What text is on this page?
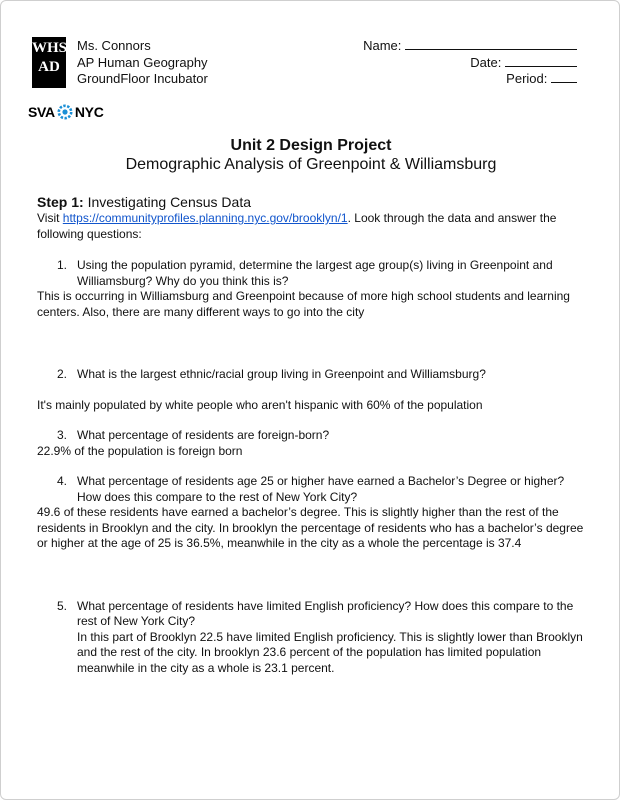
WHS
AD
SVA NYC
Ms. Connors
AP Human Geography
GroundFloor Incubator
Name:
Date:
Period:
Unit 2 Design Project
Demographic Analysis of Greenpoint & Williamsburg

Step 1: Investigating Census Data

Visit https://communityprofiles.planning.nyc.gov/brooklyn/1. Look through the data and answer the following questions:

1. Using the population pyramid, determine the largest age group(s) living in Greenpoint and Williamsburg? Why do you think this is?

This is occurring in Williamsburg and Greenpoint because of more high school students and learning centers. Also, there are many different ways to go into the city

2. What is the largest ethnic/racial group living in Greenpoint and Williamsburg?

It's mainly populated by white people who aren't hispanic with 60% of the population

3. What percentage of residents are foreign-born?

22.9% of the population is foreign born

4. What percentage of residents age 25 or higher have earned a Bachelor’s Degree or higher? How does this compare to the rest of New York City?

49.6 of these residents have earned a bachelor’s degree. This is slightly higher than the rest of the residents in Brooklyn and the city. In brooklyn the percentage of residents who has a bachelor’s degree or higher at the age of 25 is 36.5%, meanwhile in the city as a whole the percentage is 37.4

5. What percentage of residents have limited English proficiency? How does this compare to the rest of New York City?

In this part of Brooklyn 22.5 have limited English proficiency. This is slightly lower than Brooklyn and the rest of the city. In brooklyn 23.6 percent of the population has limited population meanwhile in the city as a whole is 23.1 percent.
